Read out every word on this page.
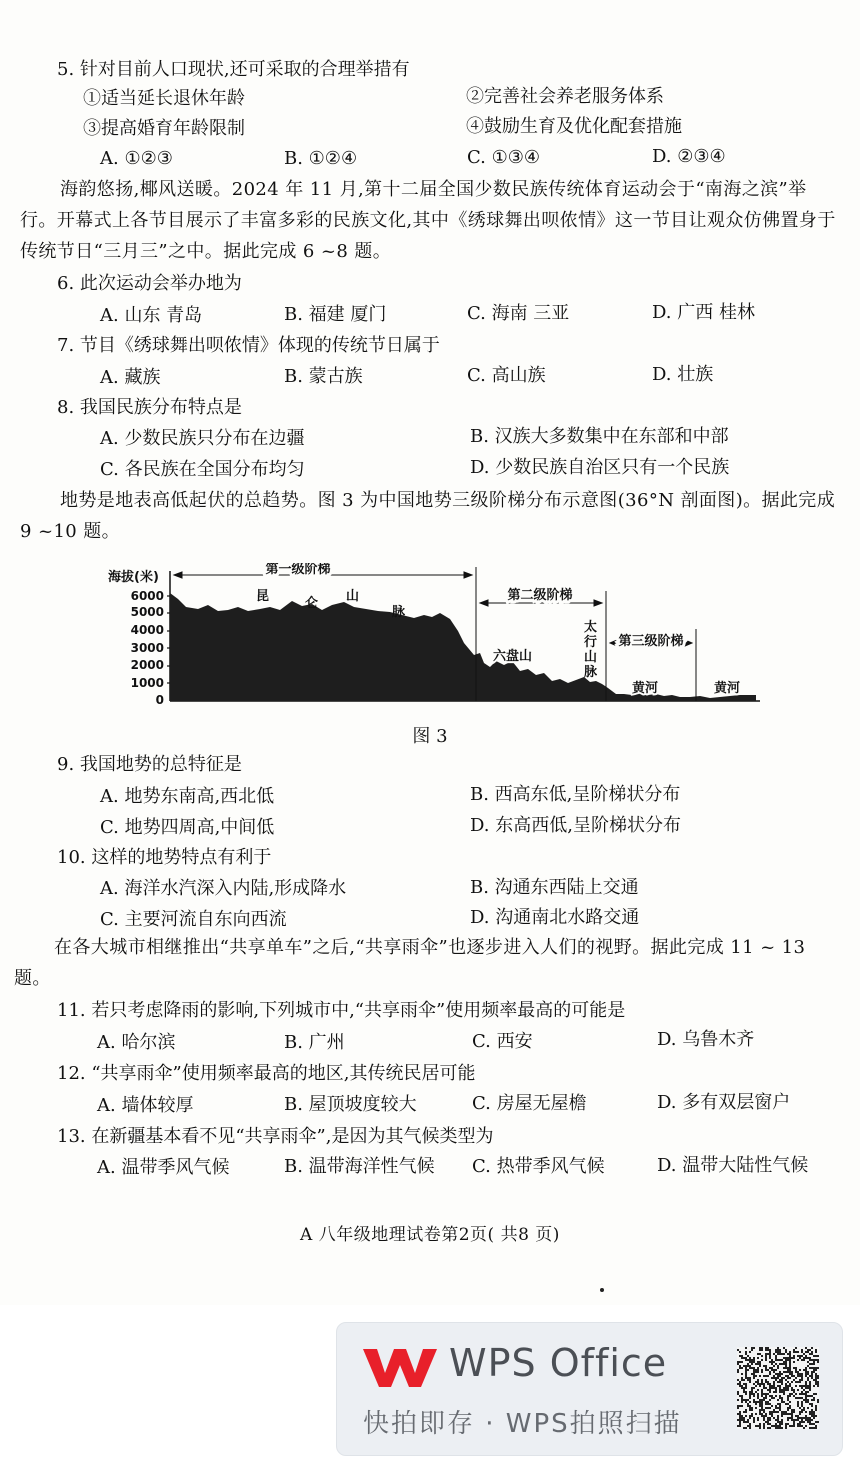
5. 针对目前人口现状,还可采取的合理举措有
①适当延长退休年龄	②完善社会养老服务体系
③提高婚育年龄限制	④鼓励生育及优化配套措施
A. ①②③	B. ①②④	C. ①③④	D. ②③④
海韵悠扬,椰风送暖。2024 年 11 月,第十二届全国少数民族传统体育运动会于“南海之滨”举行。开幕式上各节目展示了丰富多彩的民族文化,其中《绣球舞出呗侬情》这一节目让观众仿佛置身于传统节日“三月三”之中。据此完成 6 ~8 题。
6. 此次运动会举办地为
A. 山东 青岛	B. 福建 厦门	C. 海南 三亚	D. 广西 桂林
7. 节目《绣球舞出呗侬情》体现的传统节日属于
A. 藏族	B. 蒙古族	C. 高山族	D. 壮族
8. 我国民族分布特点是
A. 少数民族只分布在边疆	B. 汉族大多数集中在东部和中部
C. 各民族在全国分布均匀	D. 少数民族自治区只有一个民族
地势是地表高低起伏的总趋势。图 3 为中国地势三级阶梯分布示意图(36°N 剖面图)。据此完成 9 ~10 题。
海拔(米)
6000
5000
4000
3000
2000
1000
0
第一级阶梯
第二级阶梯
第三级阶梯
昆	仑 山
脉
六盘山
太
行
山
脉
黄河	黄河
图 3
9. 我国地势的总特征是
A. 地势东南高,西北低	B. 西高东低,呈阶梯状分布
C. 地势四周高,中间低	D. 东高西低,呈阶梯状分布
10. 这样的地势特点有利于
A. 海洋水汽深入内陆,形成降水	B. 沟通东西陆上交通
C. 主要河流自东向西流	D. 沟通南北水路交通
在各大城市相继推出“共享单车”之后,“共享雨伞”也逐步进入人们的视野。据此完成 11 ~ 13 题。
11. 若只考虑降雨的影响,下列城市中,“共享雨伞”使用频率最高的可能是
A. 哈尔滨	B. 广州	C. 西安	D. 乌鲁木齐
12. “共享雨伞”使用频率最高的地区,其传统民居可能
A. 墙体较厚	B. 屋顶坡度较大	C. 房屋无屋檐	D. 多有双层窗户
13. 在新疆基本看不见“共享雨伞”,是因为其气候类型为
A. 温带季风气候	B. 温带海洋性气候 C. 热带季风气候	D. 温带大陆性气候
A 八年级地理试卷第2页( 共8 页)
WPS Office
快拍即存 · WPS拍照扫描
